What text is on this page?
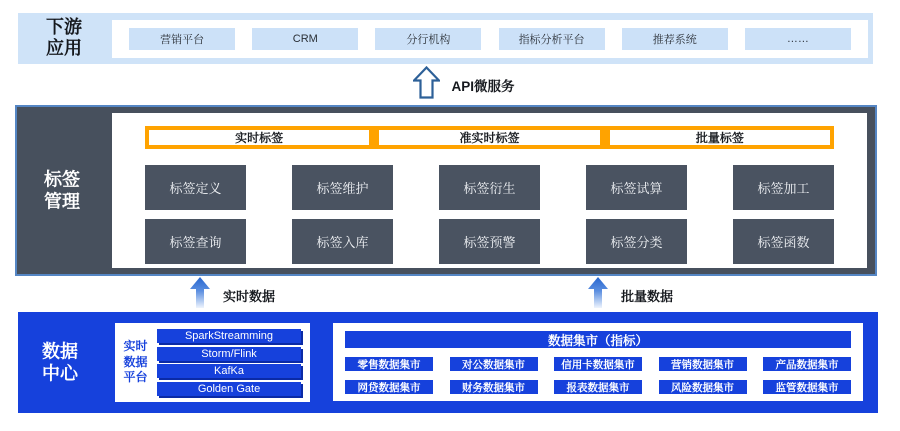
下游应用	营销平台	CRM	分行机构	指标分析平台	推荐系统	……
API微服务
标签管理
实时标签	准实时标签	批量标签
标签定义	标签维护	标签衍生	标签试算	标签加工
标签查询	标签入库	标签预警	标签分类	标签函数
实时数据	批量数据
数据中心
实时数据平台
SparkStreamming
Storm/Flink
KafKa
Golden Gate
数据集市（指标）
零售数据集市	对公数据集市	信用卡数据集市	营销数据集市	产品数据集市
网贷数据集市	财务数据集市	报表数据集市	风险数据集市	监管数据集市
